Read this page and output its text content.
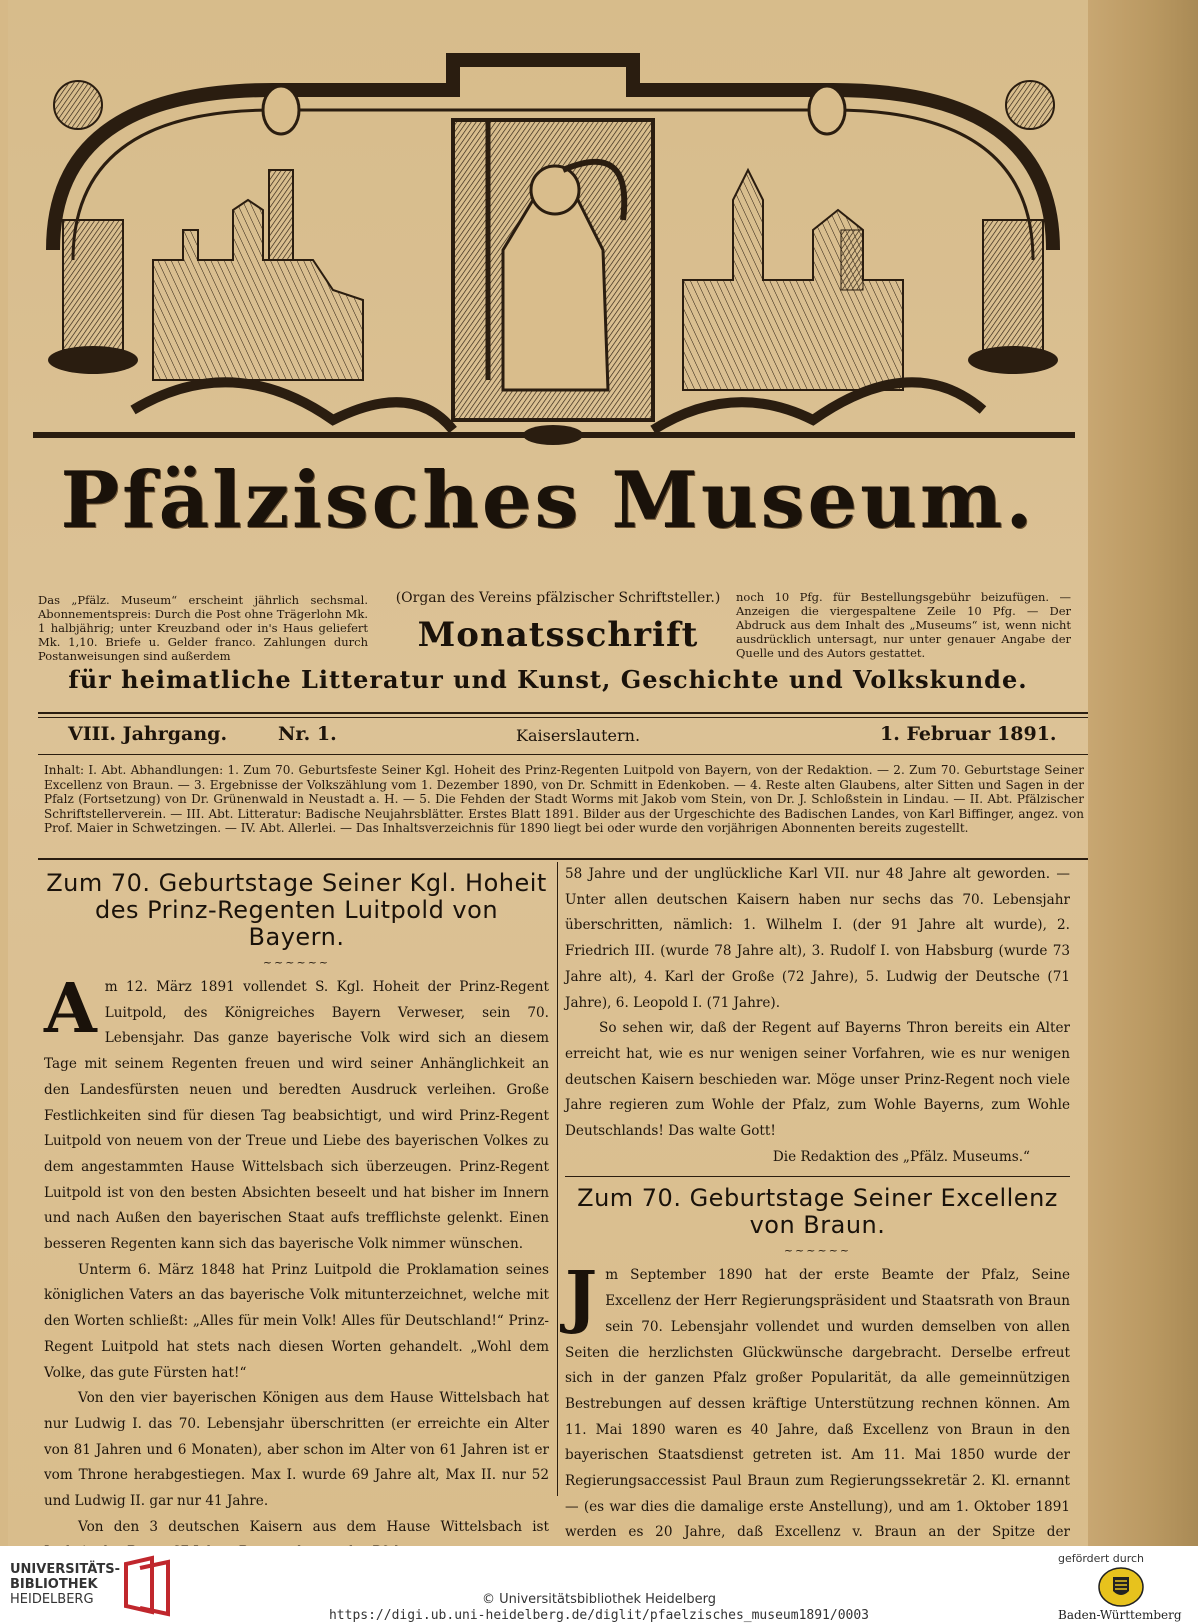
Pfälzisches Museum.
Das „Pfälz. Museum“ erscheint jährlich sechsmal. Abonnementspreis: Durch die Post ohne Trägerlohn Mk. 1 halbjährig; unter Kreuzband oder in's Haus geliefert Mk. 1,10. Briefe u. Gelder franco. Zahlungen durch Postanweisungen sind außerdem
(Organ des Vereins pfälzischer Schriftsteller.)
Monatsschrift
noch 10 Pfg. für Bestellungsgebühr beizufügen. — Anzeigen die viergespaltene Zeile 10 Pfg. — Der Abdruck aus dem Inhalt des „Museums“ ist, wenn nicht ausdrücklich untersagt, nur unter genauer Angabe der Quelle und des Autors gestattet.
für heimatliche Litteratur und Kunst, Geschichte und Volkskunde.
VIII. Jahrgang.	Nr. 1.	Kaiserslautern.	1. Februar 1891.
Inhalt: I. Abt. Abhandlungen: 1. Zum 70. Geburtsfeste Seiner Kgl. Hoheit des Prinz-Regenten Luitpold von Bayern, von der Redaktion. — 2. Zum 70. Geburtstage Seiner Excellenz von Braun. — 3. Ergebnisse der Volkszählung vom 1. Dezember 1890, von Dr. Schmitt in Edenkoben. — 4. Reste alten Glaubens, alter Sitten und Sagen in der Pfalz (Fortsetzung) von Dr. Grünenwald in Neustadt a. H. — 5. Die Fehden der Stadt Worms mit Jakob vom Stein, von Dr. J. Schloßstein in Lindau. — II. Abt. Pfälzischer Schriftstellerverein. — III. Abt. Litteratur: Badische Neujahrsblätter. Erstes Blatt 1891. Bilder aus der Urgeschichte des Badischen Landes, von Karl Biffinger, angez. von Prof. Maier in Schwetzingen. — IV. Abt. Allerlei. — Das Inhaltsverzeichnis für 1890 liegt bei oder wurde den vorjährigen Abonnenten bereits zugestellt.
Zum 70. Geburtstage Seiner Kgl. Hoheit des Prinz-Regenten Luitpold von Bayern.
~~~~~~

Am 12. März 1891 vollendet S. Kgl. Hoheit der Prinz-Regent Luitpold, des Königreiches Bayern Verweser, sein 70. Lebensjahr. Das ganze bayerische Volk wird sich an diesem Tage mit seinem Regenten freuen und wird seiner Anhänglichkeit an den Landesfürsten neuen und beredten Ausdruck verleihen. Große Festlichkeiten sind für diesen Tag beabsichtigt, und wird Prinz-Regent Luitpold von neuem von der Treue und Liebe des bayerischen Volkes zu dem angestammten Hause Wittelsbach sich überzeugen. Prinz-Regent Luitpold ist von den besten Absichten beseelt und hat bisher im Innern und nach Außen den bayerischen Staat aufs trefflichste gelenkt. Einen besseren Regenten kann sich das bayerische Volk nimmer wünschen.

Unterm 6. März 1848 hat Prinz Luitpold die Proklamation seines königlichen Vaters an das bayerische Volk mitunterzeichnet, welche mit den Worten schließt: „Alles für mein Volk! Alles für Deutschland!“ Prinz-Regent Luitpold hat stets nach diesen Worten gehandelt. „Wohl dem Volke, das gute Fürsten hat!“

Von den vier bayerischen Königen aus dem Hause Wittelsbach hat nur Ludwig I. das 70. Lebensjahr überschritten (er erreichte ein Alter von 81 Jahren und 6 Monaten), aber schon im Alter von 61 Jahren ist er vom Throne herabgestiegen. Max I. wurde 69 Jahre alt, Max II. nur 52 und Ludwig II. gar nur 41 Jahre.

Von den 3 deutschen Kaisern aus dem Hause Wittelsbach ist

58 Jahre und der unglückliche Karl VII. nur 48 Jahre alt geworden. — Unter allen deutschen Kaisern haben nur sechs das 70. Lebensjahr überschritten, nämlich: 1. Wilhelm I. (der 91 Jahre alt wurde), 2. Friedrich III. (wurde 78 Jahre alt), 3. Rudolf I. von Habsburg (wurde 73 Jahre alt), 4. Karl der Große (72 Jahre), 5. Ludwig der Deutsche (71 Jahre), 6. Leopold I. (71 Jahre).

So sehen wir, daß der Regent auf Bayerns Thron bereits ein Alter erreicht hat, wie es nur wenigen seiner Vorfahren, wie es nur wenigen deutschen Kaisern beschieden war. Möge unser Prinz-Regent noch viele Jahre regieren zum Wohle der Pfalz, zum Wohle Bayerns, zum Wohle Deutschlands! Das walte Gott!

Die Redaktion des „Pfälz. Museums.“

Zum 70. Geburtstage Seiner Excellenz von Braun.
~~~~~~

Jm September 1890 hat der erste Beamte der Pfalz, Seine Excellenz der Herr Regierungspräsident und Staatsrath von Braun sein 70. Lebensjahr vollendet und wurden demselben von allen Seiten die herzlichsten Glückwünsche dargebracht. Derselbe erfreut sich in der ganzen Pfalz großer Popularität, da alle gemeinnützigen Bestrebungen auf dessen kräftige Unterstützung rechnen können. Am 11. Mai 1890 waren es 40 Jahre, daß Excellenz von Braun in den bayerischen Staatsdienst getreten ist. Am 11. Mai 1850 wurde der Regierungsaccessist Paul Braun zum Regierungssekretär 2. Kl. ernannt — (es war dies die damalige erste Anstellung), und am 1. Oktober 1891 werden es 20 Jahre, daß Excellenz v. Braun an der Spitze der

UNIVERSITÄTS-
BIBLIOTHEK
HEIDELBERG	© Universitätsbibliothek Heidelberg
https://digi.ub.uni-heidelberg.de/diglit/pfaelzisches_museum1891/0003
gefördert durch
Baden-Württemberg
